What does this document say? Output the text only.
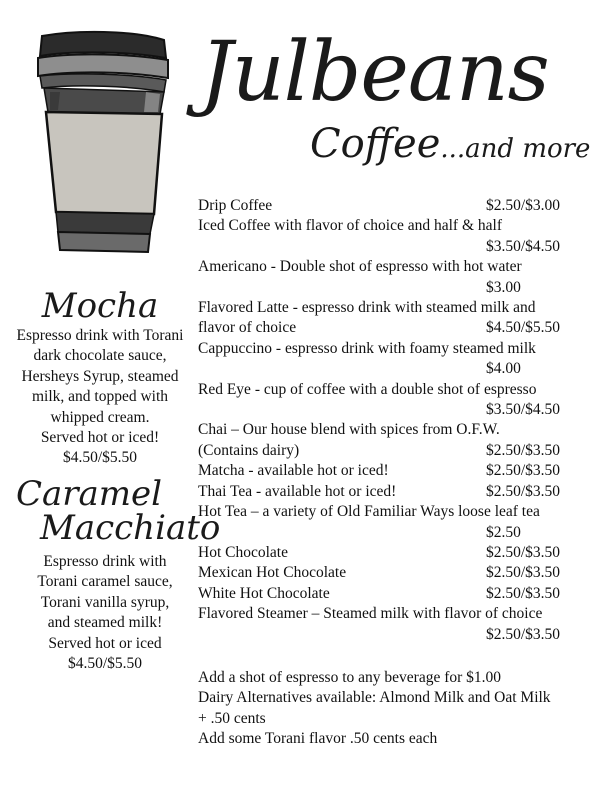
Julbeans
Coffee...and more
Drip Coffee	$2.50/$3.00
Iced Coffee with flavor of choice and half & half
$3.50/$4.50
Americano - Double shot of espresso with hot water
$3.00
Flavored Latte - espresso drink with steamed milk and
flavor of choice	$4.50/$5.50
Cappuccino - espresso drink with foamy steamed milk
$4.00
Red Eye - cup of coffee with a double shot of espresso
$3.50/$4.50
Chai – Our house blend with spices from O.F.W.
(Contains dairy)	$2.50/$3.50
Matcha - available hot or iced!	$2.50/$3.50
Thai Tea - available hot or iced!	$2.50/$3.50
Hot Tea – a variety of Old Familiar Ways loose leaf tea
$2.50
Hot Chocolate	$2.50/$3.50
Mexican Hot Chocolate	$2.50/$3.50
White Hot Chocolate	$2.50/$3.50
Flavored Steamer – Steamed milk with flavor of choice
$2.50/$3.50
Add a shot of espresso to any beverage for $1.00
Dairy Alternatives available: Almond Milk and Oat Milk
+ .50 cents
Add some Torani flavor .50 cents each
Mocha
Espresso drink with Torani
dark chocolate sauce,
Hersheys Syrup, steamed
milk, and topped with
whipped cream.
Served hot or iced!
$4.50/$5.50
Caramel
Macchiato
Espresso drink with
Torani caramel sauce,
Torani vanilla syrup,
and steamed milk!
Served hot or iced
$4.50/$5.50
